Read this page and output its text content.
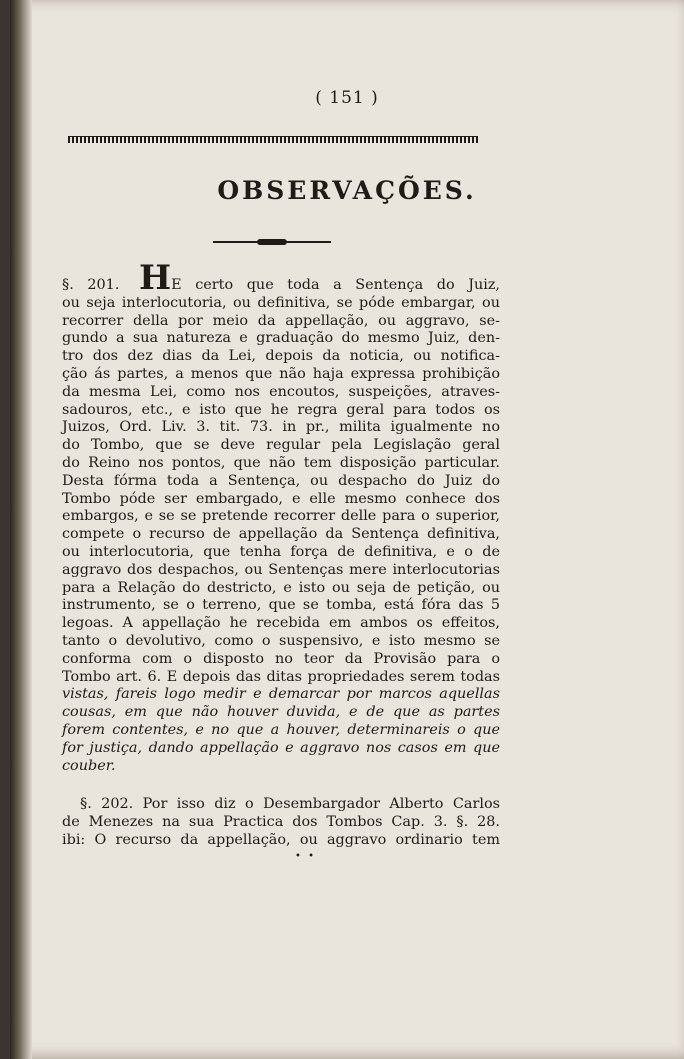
( 151 )
OBSERVAÇÕES.
§. 201. HE certo que toda a Sentença do Juiz,
ou seja interlocutoria, ou definitiva, se póde embargar, ou
recorrer della por meio da appellação, ou aggravo, se-
gundo a sua natureza e graduação do mesmo Juiz, den-
tro dos dez dias da Lei, depois da noticia, ou notifica-
ção ás partes, a menos que não haja expressa prohibição
da mesma Lei, como nos encoutos, suspeições, atraves-
sadouros, etc., e isto que he regra geral para todos os
Juizos, Ord. Liv. 3. tit. 73. in pr., milita igualmente no
do Tombo, que se deve regular pela Legislação geral
do Reino nos pontos, que não tem disposição particular.
Desta fórma toda a Sentença, ou despacho do Juiz do
Tombo póde ser embargado, e elle mesmo conhece dos
embargos, e se se pretende recorrer delle para o superior,
compete o recurso de appellação da Sentença definitiva,
ou interlocutoria, que tenha força de definitiva, e o de
aggravo dos despachos, ou Sentenças mere interlocutorias
para a Relação do destricto, e isto ou seja de petição, ou
instrumento, se o terreno, que se tomba, está fóra das 5
legoas. A appellação he recebida em ambos os effeitos,
tanto o devolutivo, como o suspensivo, e isto mesmo se
conforma com o disposto no teor da Provisão para o
Tombo art. 6. E depois das ditas propriedades serem todas
vistas, fareis logo medir e demarcar por marcos aquellas
cousas, em que não houver duvida, e de que as partes
forem contentes, e no que a houver, determinareis o que
for justiça, dando appellação e aggravo nos casos em que
couber.
§. 202. Por isso diz o Desembargador Alberto Carlos
de Menezes na sua Practica dos Tombos Cap. 3. §. 28.
ibi: O recurso da appellação, ou aggravo ordinario tem
• •
